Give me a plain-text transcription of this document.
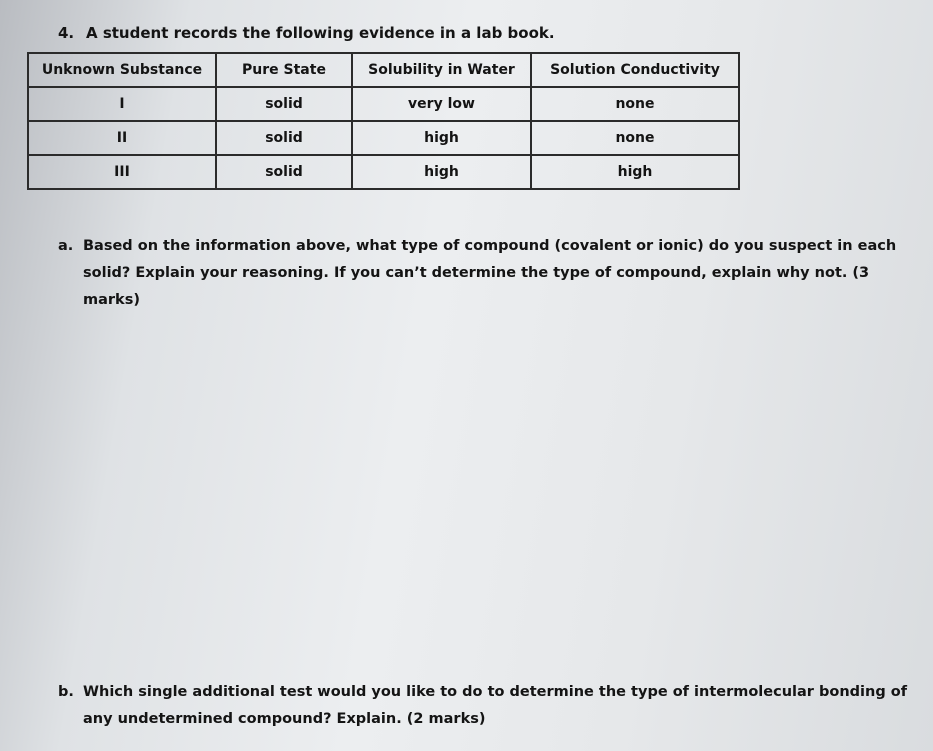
4. A student records the following evidence in a lab book.
Unknown Substance	Pure State	Solubility in Water	Solution Conductivity
I	solid	very low	none
II	solid	high	none
III	solid	high	high
a. Based on the information above, what type of compound (covalent or ionic) do you suspect in each solid? Explain your reasoning. If you can’t determine the type of compound, explain why not. (3 marks)
b. Which single additional test would you like to do to determine the type of intermolecular bonding of any undetermined compound? Explain. (2 marks)
